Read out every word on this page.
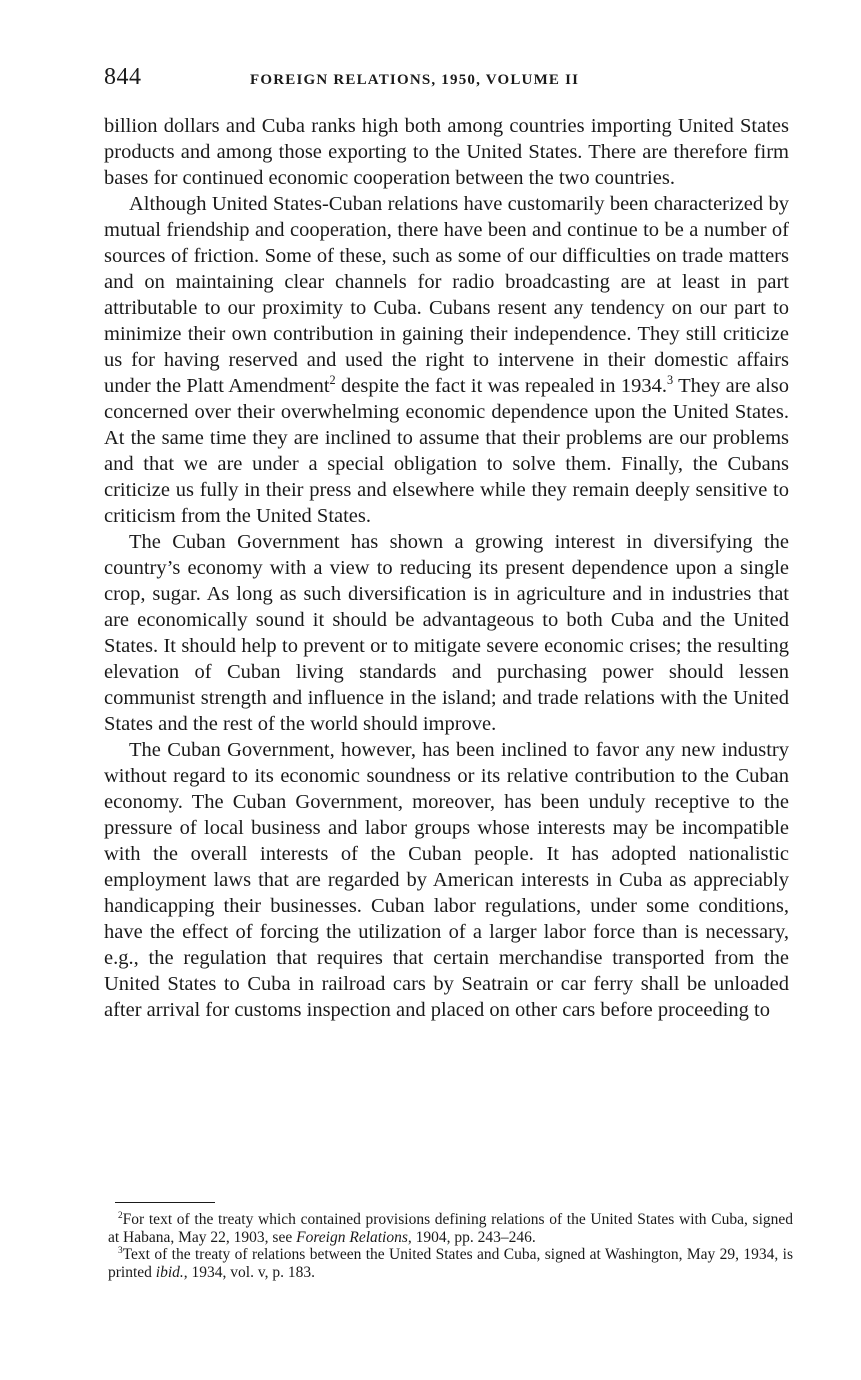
844	FOREIGN RELATIONS, 1950, VOLUME II

billion dollars and Cuba ranks high both among countries importing United States products and among those exporting to the United States. There are therefore firm bases for continued economic cooperation between the two countries.

Although United States-Cuban relations have customarily been characterized by mutual friendship and cooperation, there have been and continue to be a number of sources of friction. Some of these, such as some of our difficulties on trade matters and on maintaining clear channels for radio broadcasting are at least in part attributable to our proximity to Cuba. Cubans resent any tendency on our part to minimize their own contribution in gaining their independence. They still criticize us for having reserved and used the right to intervene in their domestic affairs under the Platt Amendment$^2$ despite the fact it was repealed in 1934.$^3$ They are also concerned over their overwhelming economic dependence upon the United States. At the same time they are inclined to assume that their problems are our problems and that we are under a special obligation to solve them. Finally, the Cubans criticize us fully in their press and elsewhere while they remain deeply sensitive to criticism from the United States.

The Cuban Government has shown a growing interest in diversifying the country’s economy with a view to reducing its present dependence upon a single crop, sugar. As long as such diversification is in agriculture and in industries that are economically sound it should be advantageous to both Cuba and the United States. It should help to prevent or to mitigate severe economic crises; the resulting elevation of Cuban living standards and purchasing power should lessen communist strength and influence in the island; and trade relations with the United States and the rest of the world should improve.

The Cuban Government, however, has been inclined to favor any new industry without regard to its economic soundness or its relative contribution to the Cuban economy. The Cuban Government, moreover, has been unduly receptive to the pressure of local business and labor groups whose interests may be incompatible with the overall interests of the Cuban people. It has adopted nationalistic employment laws that are regarded by American interests in Cuba as appreciably handicapping their businesses. Cuban labor regulations, under some conditions, have the effect of forcing the utilization of a larger labor force than is necessary, e.g., the regulation that requires that certain merchandise transported from the United States to Cuba in railroad cars by Seatrain or car ferry shall be unloaded after arrival for customs inspection and placed on other cars before proceeding to

$^2$For text of the treaty which contained provisions defining relations of the United States with Cuba, signed at Habana, May 22, 1903, see Foreign Relations, 1904, pp. 243–246.

$^3$Text of the treaty of relations between the United States and Cuba, signed at Washington, May 29, 1934, is printed ibid., 1934, vol. v, p. 183.
